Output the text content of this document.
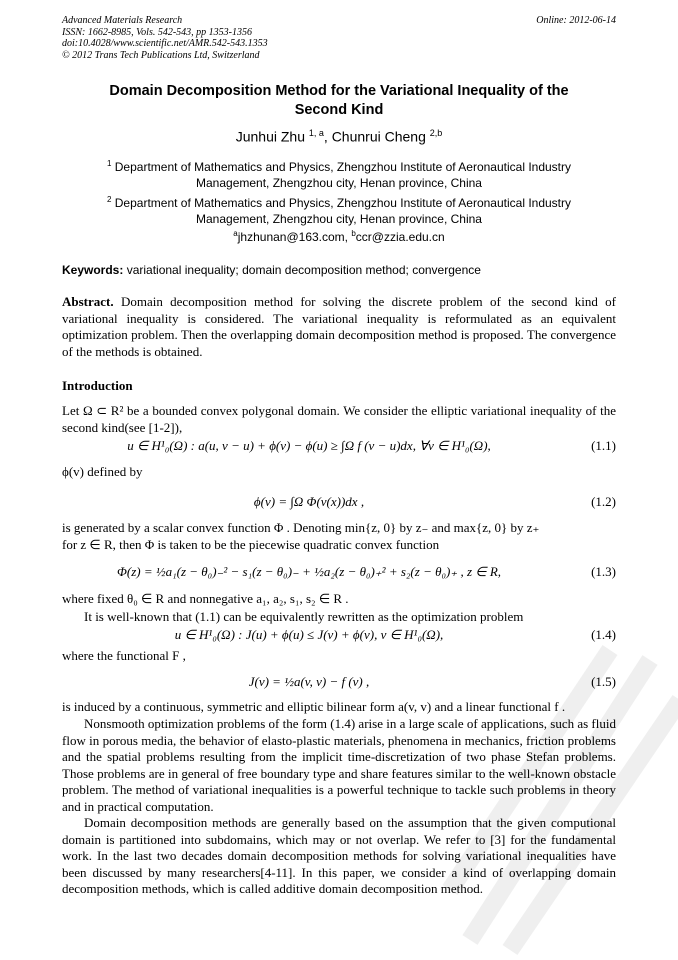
Advanced Materials Research
ISSN: 1662-8985, Vols. 542-543, pp 1353-1356
doi:10.4028/www.scientific.net/AMR.542-543.1353
© 2012 Trans Tech Publications Ltd, Switzerland
Online: 2012-06-14
Domain Decomposition Method for the Variational Inequality of the
Second Kind
Junhui Zhu $^{1, a}$, Chunrui Cheng $^{2,b}$
$^1$ Department of Mathematics and Physics, Zhengzhou Institute of Aeronautical Industry
Management, Zhengzhou city, Henan province, China
$^2$ Department of Mathematics and Physics, Zhengzhou Institute of Aeronautical Industry
Management, Zhengzhou city, Henan province, China
$^a$jhzhunan@163.com, $^b$ccr@zzia.edu.cn
Keywords: variational inequality; domain decomposition method; convergence
Abstract. Domain decomposition method for solving the discrete problem of the second kind of variational inequality is considered. The variational inequality is reformulated as an equivalent optimization problem. Then the overlapping domain decomposition method is proposed. The convergence of the methods is obtained.
Introduction
Let Ω ⊂ R² be a bounded convex polygonal domain. We consider the elliptic variational inequality of the second kind(see [1-2]),
u ∈ H¹₀(Ω) : a(u, v − u) + ϕ(v) − ϕ(u) ≥ ∫Ω f (v − u)dx, ∀v ∈ H¹₀(Ω),	(1.1)
ϕ(v) defined by
ϕ(v) = ∫Ω Φ(v(x))dx ,	(1.2)
is generated by a scalar convex function Φ . Denoting min{z, 0} by z₋ and max{z, 0} by z₊
for z ∈ R, then Φ is taken to be the piecewise quadratic convex function
Φ(z) = ½a₁(z − θ₀)₋² − s₁(z − θ₀)₋ + ½a₂(z − θ₀)₊² + s₂(z − θ₀)₊ , z ∈ R,	(1.3)
where fixed θ₀ ∈ R and nonnegative a₁, a₂, s₁, s₂ ∈ R .
It is well-known that (1.1) can be equivalently rewritten as the optimization problem
u ∈ H¹₀(Ω) : J(u) + ϕ(u) ≤ J(v) + ϕ(v), v ∈ H¹₀(Ω),	(1.4)
where the functional F ,
J(v) = ½a(v, v) − f (v) ,	(1.5)
is induced by a continuous, symmetric and elliptic bilinear form a(v, v) and a linear functional f .
Nonsmooth optimization problems of the form (1.4) arise in a large scale of applications, such as fluid flow in porous media, the behavior of elasto-plastic materials, phenomena in mechanics, friction problems and the spatial problems resulting from the implicit time-discretization of two phase Stefan problems. Those problems are in general of free boundary type and share features similar to the well-known obstacle problem. The method of variational inequalities is a powerful technique to tackle such problems in theory and in practical computation.
Domain decomposition methods are generally based on the assumption that the given computional domain is partitioned into subdomains, which may or not overlap. We refer to [3] for the fundamental work. In the last two decades domain decomposition methods for solving variational inequalities have been discussed by many researchers[4-11]. In this paper, we consider a kind of overlapping domain decomposition methods, which is called additive domain decomposition method.
